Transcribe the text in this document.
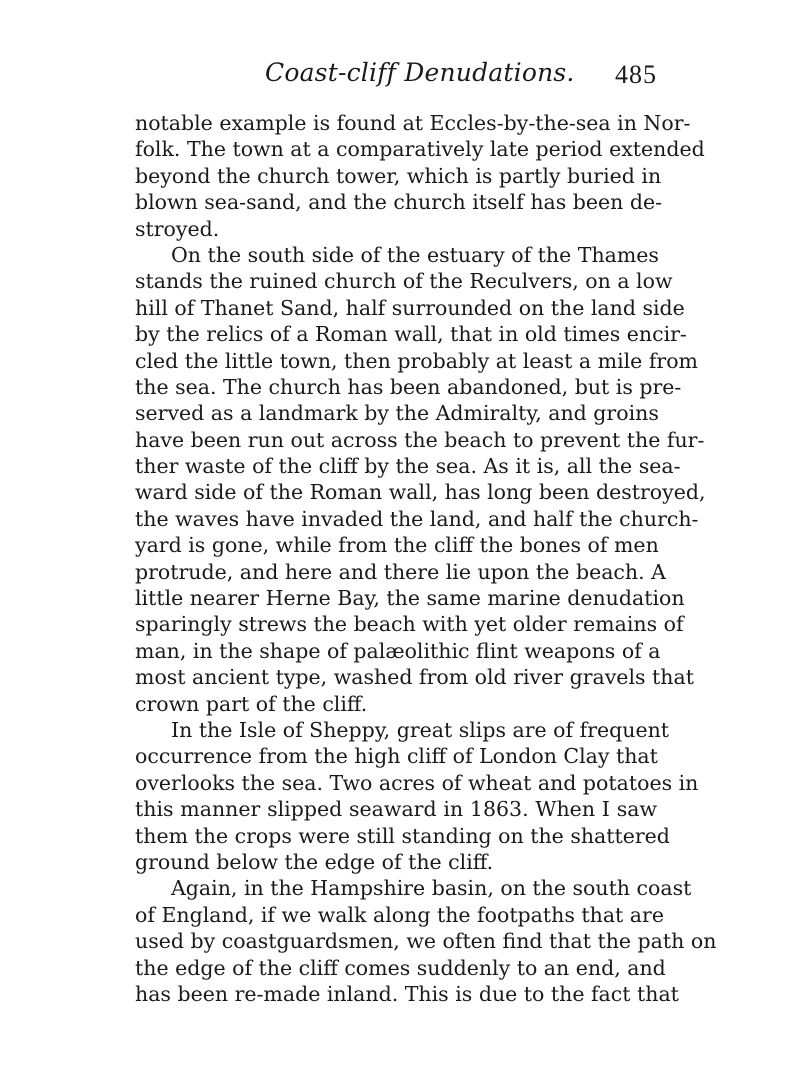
Coast-cliff Denudations. 485
notable example is found at Eccles-by-the-sea in Nor-
folk. The town at a comparatively late period extended
beyond the church tower, which is partly buried in
blown sea-sand, and the church itself has been de-
stroyed.
On the south side of the estuary of the Thames
stands the ruined church of the Reculvers, on a low
hill of Thanet Sand, half surrounded on the land side
by the relics of a Roman wall, that in old times encir-
cled the little town, then probably at least a mile from
the sea. The church has been abandoned, but is pre-
served as a landmark by the Admiralty, and groins
have been run out across the beach to prevent the fur-
ther waste of the cliff by the sea. As it is, all the sea-
ward side of the Roman wall, has long been destroyed,
the waves have invaded the land, and half the church-
yard is gone, while from the cliff the bones of men
protrude, and here and there lie upon the beach. A
little nearer Herne Bay, the same marine denudation
sparingly strews the beach with yet older remains of
man, in the shape of palæolithic flint weapons of a
most ancient type, washed from old river gravels that
crown part of the cliff.
In the Isle of Sheppy, great slips are of frequent
occurrence from the high cliff of London Clay that
overlooks the sea. Two acres of wheat and potatoes in
this manner slipped seaward in 1863. When I saw
them the crops were still standing on the shattered
ground below the edge of the cliff.
Again, in the Hampshire basin, on the south coast
of England, if we walk along the footpaths that are
used by coastguardsmen, we often find that the path on
the edge of the cliff comes suddenly to an end, and
has been re-made inland. This is due to the fact that
